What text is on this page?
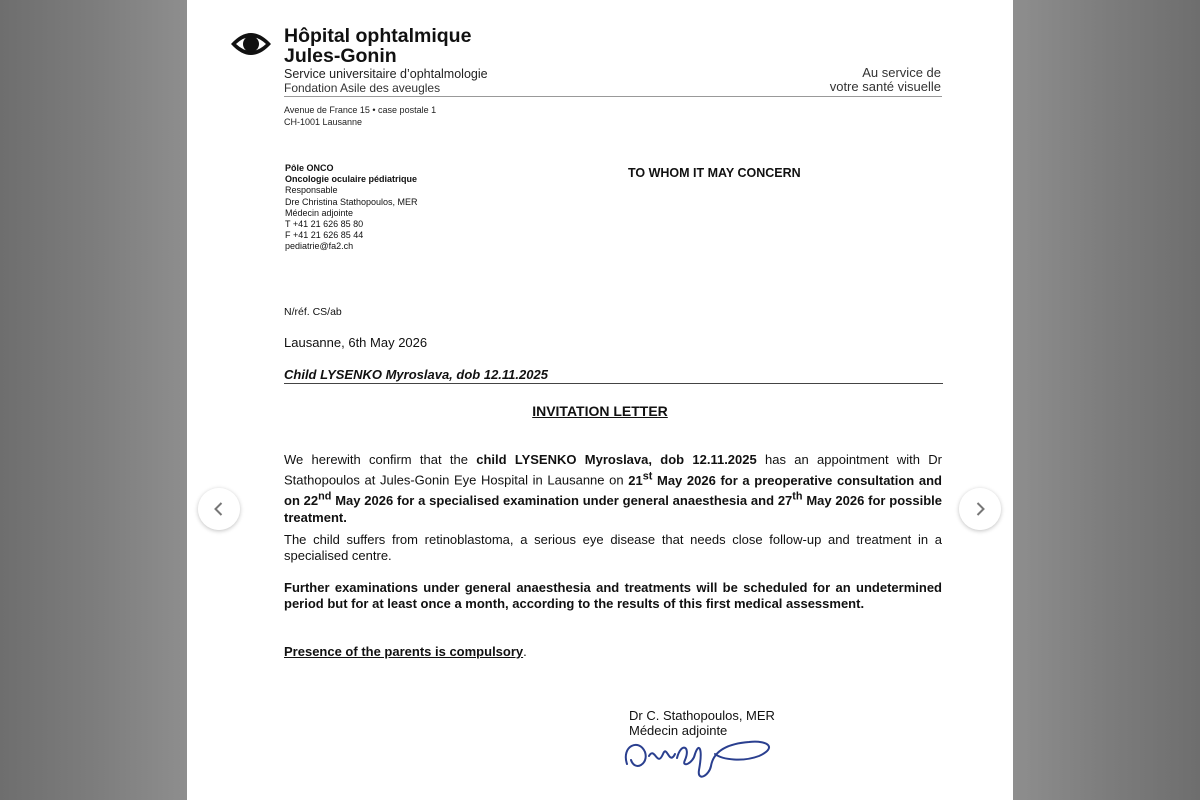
Hôpital ophtalmique
Jules-Gonin
Service universitaire d’ophtalmologie
Fondation Asile des aveugles
Au service de
votre santé visuelle
Avenue de France 15 • case postale 1
CH-1001 Lausanne
Pôle ONCO
Oncologie oculaire pédiatrique
Responsable
Dre Christina Stathopoulos, MER
Médecin adjointe
T +41 21 626 85 80
F +41 21 626 85 44
pediatrie@fa2.ch
TO WHOM IT MAY CONCERN
N/réf. CS/ab
Lausanne, 6th May 2026
Child LYSENKO Myroslava, dob 12.11.2025
INVITATION LETTER
We herewith confirm that the child LYSENKO Myroslava, dob 12.11.2025 has an appointment with Dr Stathopoulos at Jules-Gonin Eye Hospital in Lausanne on 21st May 2026 for a preoperative consultation and on 22nd May 2026 for a specialised examination under general anaesthesia and 27th May 2026 for possible treatment.
The child suffers from retinoblastoma, a serious eye disease that needs close follow-up and treatment in a specialised centre.
Further examinations under general anaesthesia and treatments will be scheduled for an undetermined period but for at least once a month, according to the results of this first medical assessment.
Presence of the parents is compulsory.
Dr C. Stathopoulos, MER
Médecin adjointe
